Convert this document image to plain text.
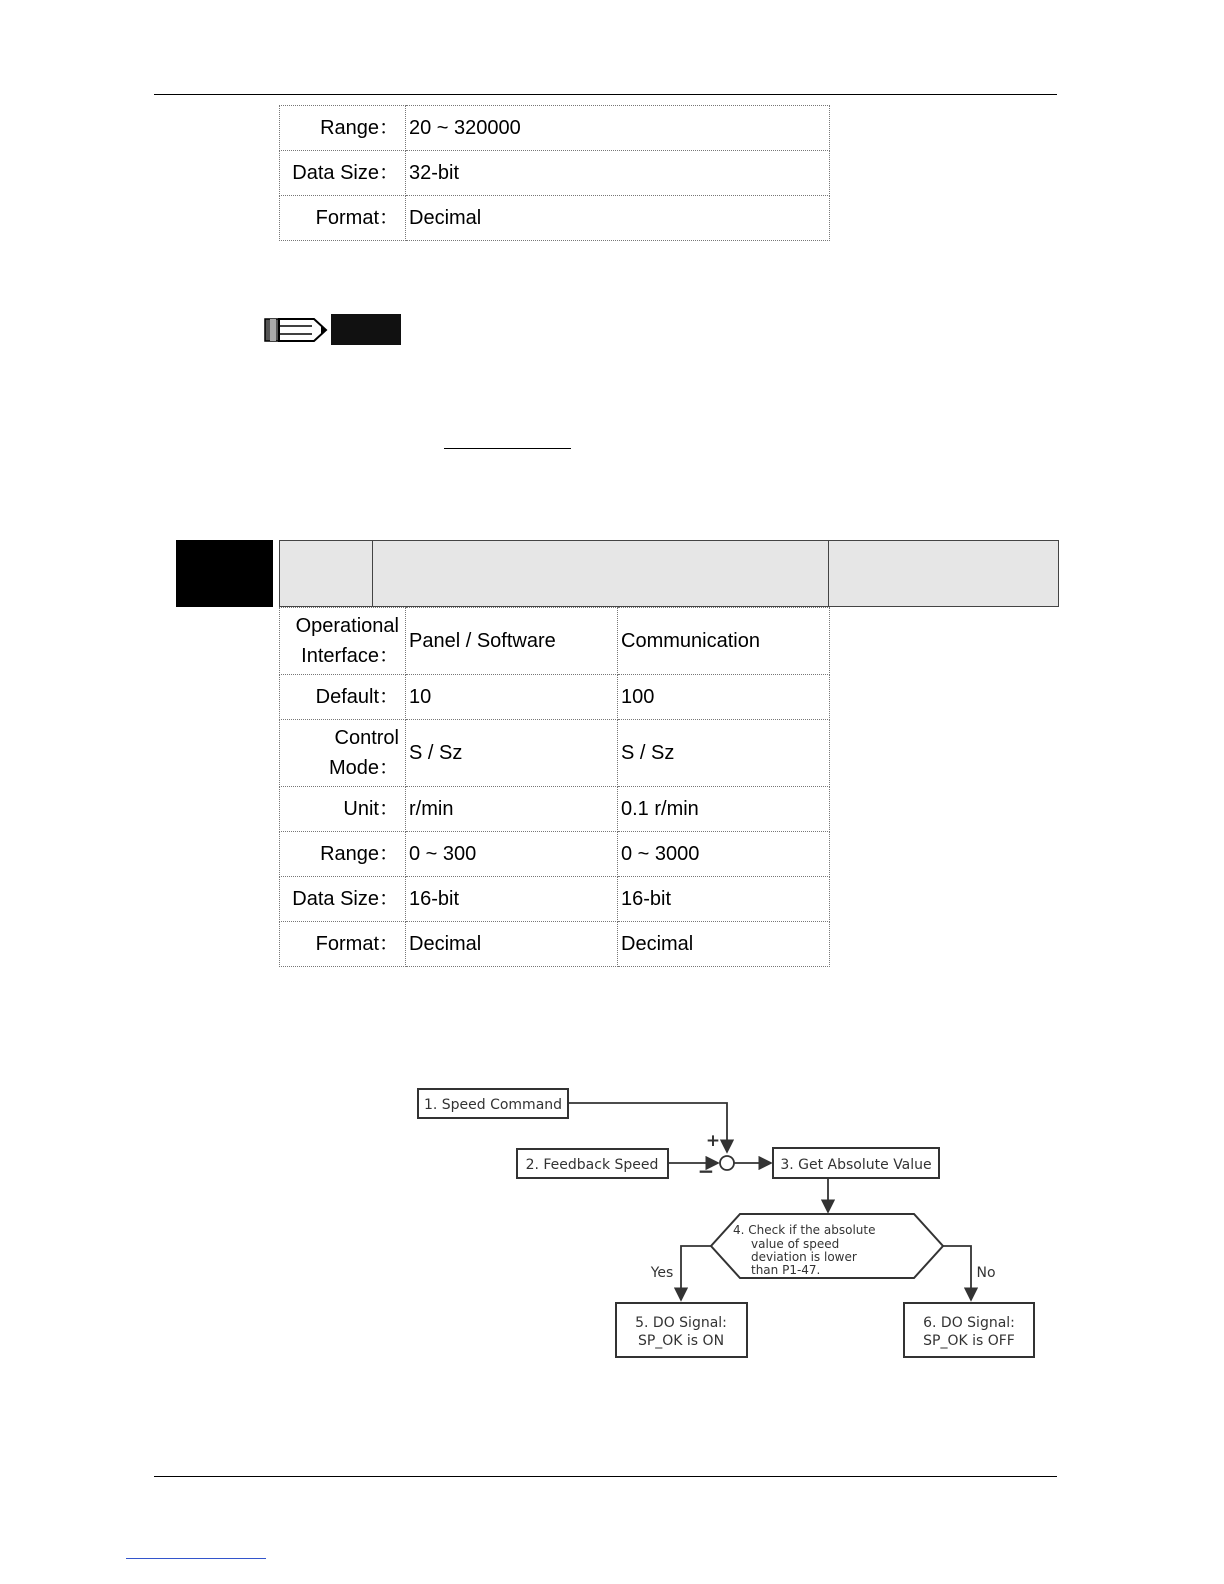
Range：	20 ~ 320000
Data Size：	32-bit
Format：	Decimal
Operational
Interface：	Panel / Software	Communication
Default：	10	100

Control
Mode：	S / Sz	S / Sz
Unit：	r/min	0.1 r/min
Range：	0 ~ 300	0 ~ 3000
Data Size：	16-bit	16-bit
Format：	Decimal	Decimal
1. Speed Command
2. Feedback Speed
+
−	3. Get Absolute Value
4. Check if the absolute
value of speed
deviation is lower
than P1-47.
Yes	No
5. DO Signal:
SP_OK is ON
6. DO Signal:
SP_OK is OFF
